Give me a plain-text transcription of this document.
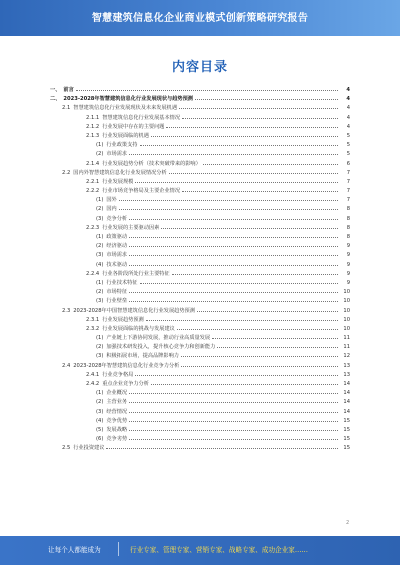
智慧建筑信息化企业商业模式创新策略研究报告
内容目录
一、 前言	4
二、 2023-2028年智慧建筑信息化行业发展现状与趋势预测	4
2.1 智慧建筑信息化行业发展现状及未来发展机遇	4
2.1.1 智慧建筑信息化行业发展基本情况	4
2.1.2 行业发展中存在的主要问题	4
2.1.3 行业发展面临的机遇	5
(1) 行业政策支持	5
(2) 市场需求	5
2.1.4 行业发展趋势分析（技术突破带来的影响）	6
2.2 国内外智慧建筑信息化行业发展情况分析	7
2.2.1 行业发展规模	7
2.2.2 行业市场竞争格局及主要企业情况	7
(1) 国外	7
(2) 国内	8
(3) 竞争分析	8
2.2.3 行业发展的主要驱动因素	8
(1) 政策驱动	8
(2) 经济驱动	9
(3) 市场需求	9
(4) 技术驱动	9
2.2.4 行业各阶段所处行业主要特征	9
(1) 行业技术特征	9
(2) 市场特征	10
(3) 行业壁垒	10
2.3 2023-2028年中国智慧建筑信息化行业发展趋势预测	10
2.3.1 行业发展趋势预测	10
2.3.2 行业发展面临的挑战与发展建议	10
(1) 产业链上下游协同发展，推动行业高质量发展	11
(2) 加强技术研发投入，提升核心竞争力和创新能力	11
(3) 积极拓展市场，提高品牌影响力	12
2.4 2023-2028年智慧建筑信息化行业竞争力分析	13
2.4.1 行业竞争格局	13
2.4.2 重点企业竞争力分析	14
(1) 企业概况	14
(2) 主营业务	14
(3) 经营情况	14
(4) 竞争优势	15
(5) 发展战略	15
(6) 竞争劣势	15
2.5 行业投资建议	15
2
让每个人都能成为	行业专家、管理专家、营销专家、战略专家、成功企业家……
